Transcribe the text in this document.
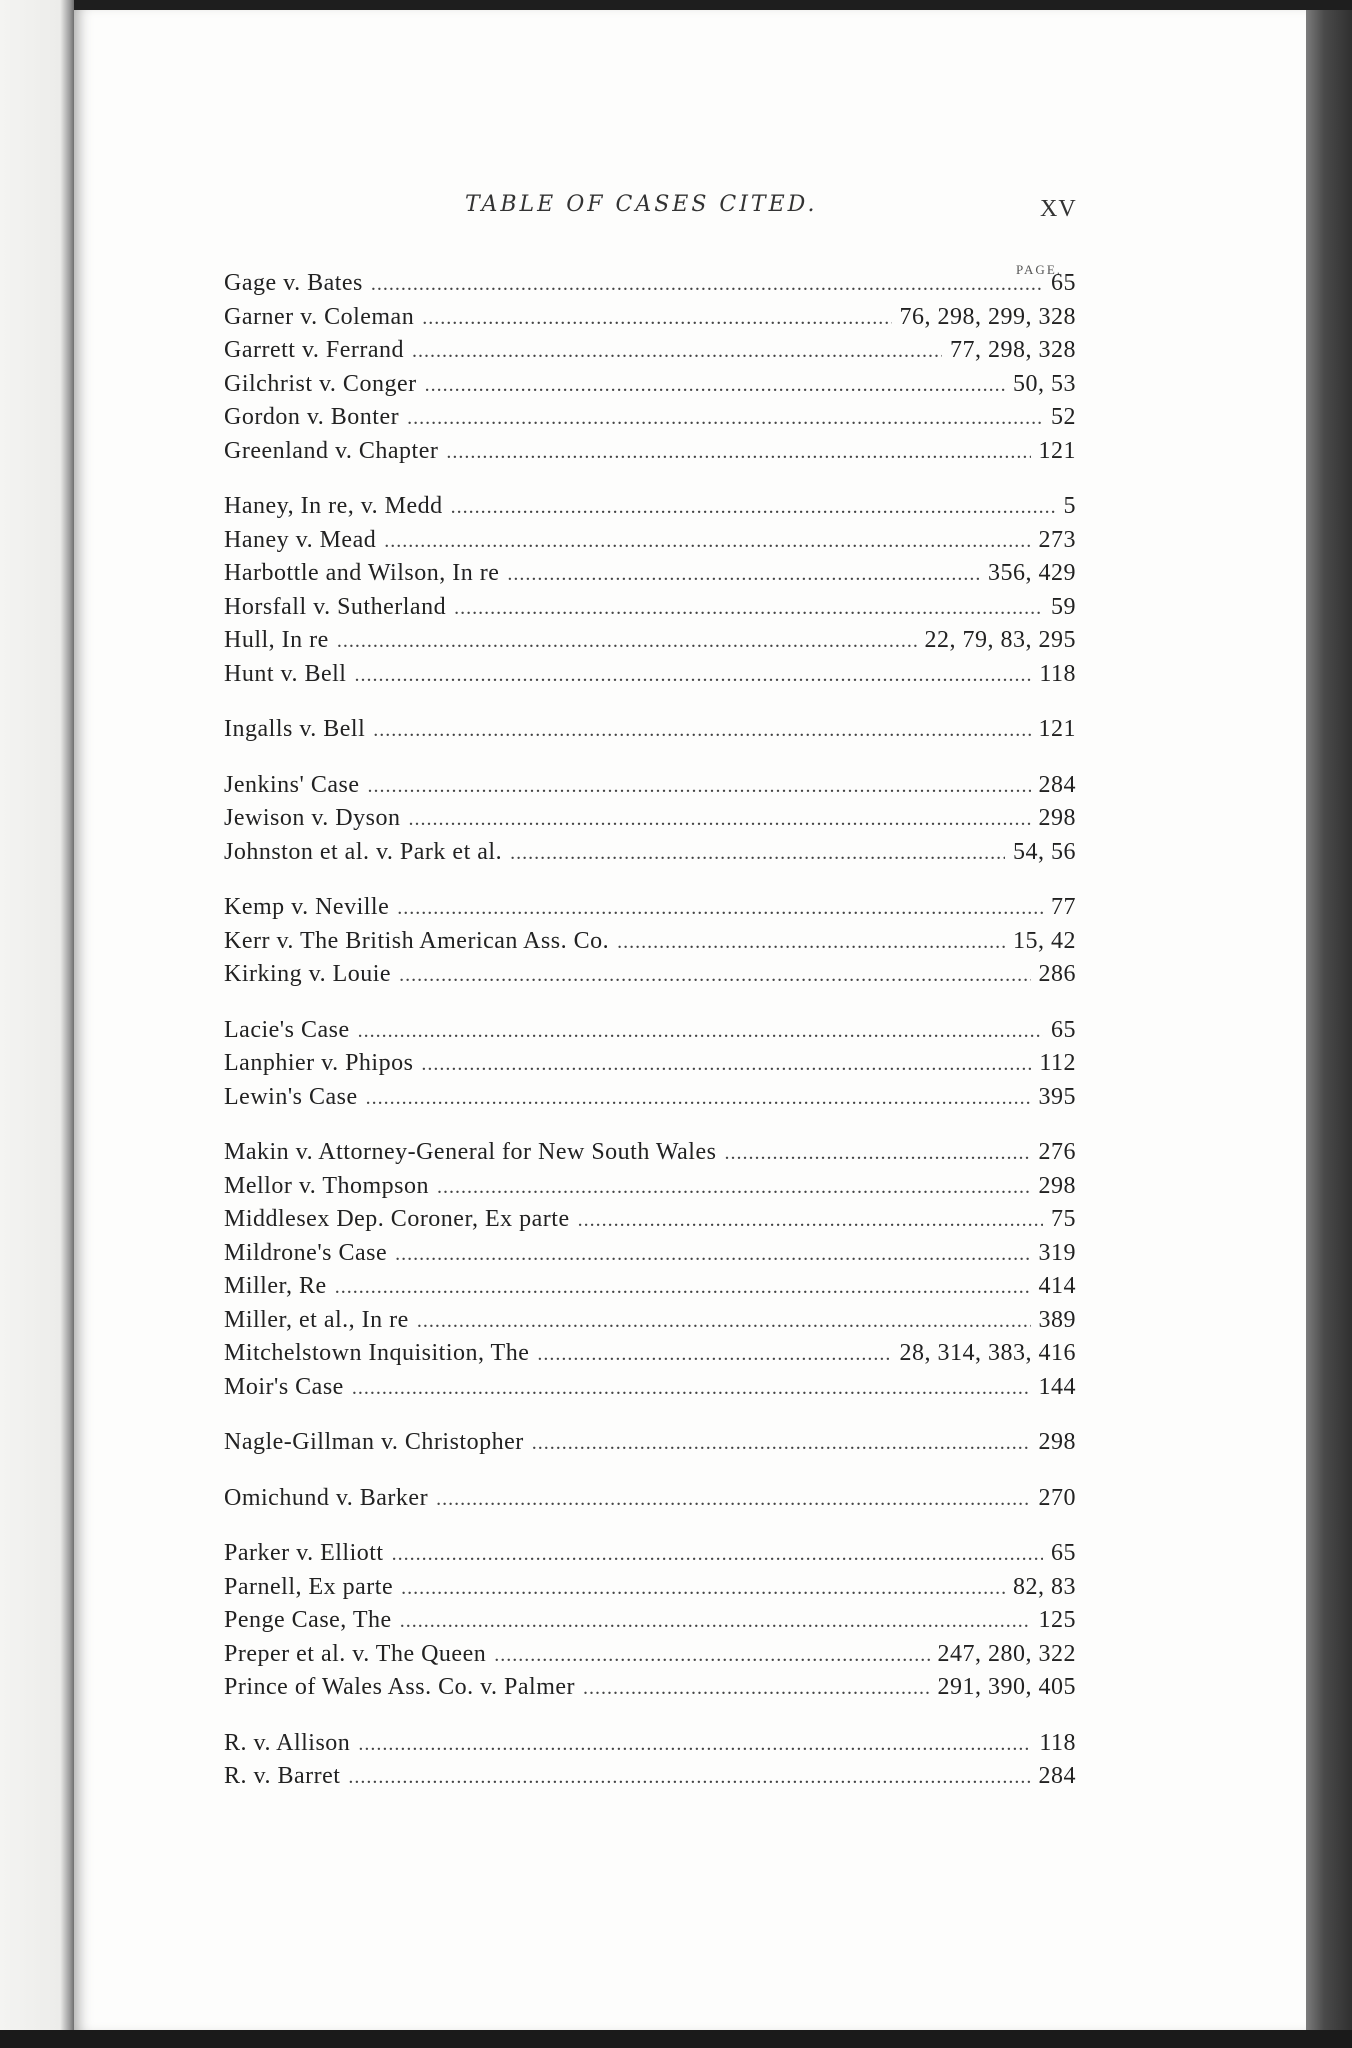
TABLE OF CASES CITED.	XV
PAGE.
Gage v. Bates . . .	65
Garner v. Coleman . . .	76, 298, 299, 328
Garrett v. Ferrand . . .	77, 298, 328
Gilchrist v. Conger . . .	50, 53
Gordon v. Bonter . . .	52
Greenland v. Chapter . . .	121
Haney, In re, v. Medd . . .	5
Haney v. Mead . . .	273
Harbottle and Wilson, In re . . .	356, 429
Horsfall v. Sutherland . . .	59
Hull, In re . . .	22, 79, 83, 295
Hunt v. Bell . . .	118
Ingalls v. Bell . . .	121
Jenkins' Case . . .	284
Jewison v. Dyson . . .	298
Johnston et al. v. Park et al. . . .	54, 56
Kemp v. Neville . . .	77
Kerr v. The British American Ass. Co. . . .	15, 42
Kirking v. Louie . . .	286
Lacie's Case . . .	65
Lanphier v. Phipos . . .	112
Lewin's Case . . .	395
Makin v. Attorney-General for New South Wales . . .	276
Mellor v. Thompson . . .	298
Middlesex Dep. Coroner, Ex parte . . .	75
Mildrone's Case . . .	319
Miller, Re . . .	414
Miller, et al., In re . . .	389
Mitchelstown Inquisition, The . . .	28, 314, 383, 416
Moir's Case . . .	144
Nagle-Gillman v. Christopher . . .	298
Omichund v. Barker . . .	270
Parker v. Elliott . . .	65
Parnell, Ex parte . . .	82, 83
Penge Case, The . . .	125
Preper et al. v. The Queen . . .	247, 280, 322
Prince of Wales Ass. Co. v. Palmer . . .	291, 390, 405
R. v. Allison . . .	118
R. v. Barret . . .	284
